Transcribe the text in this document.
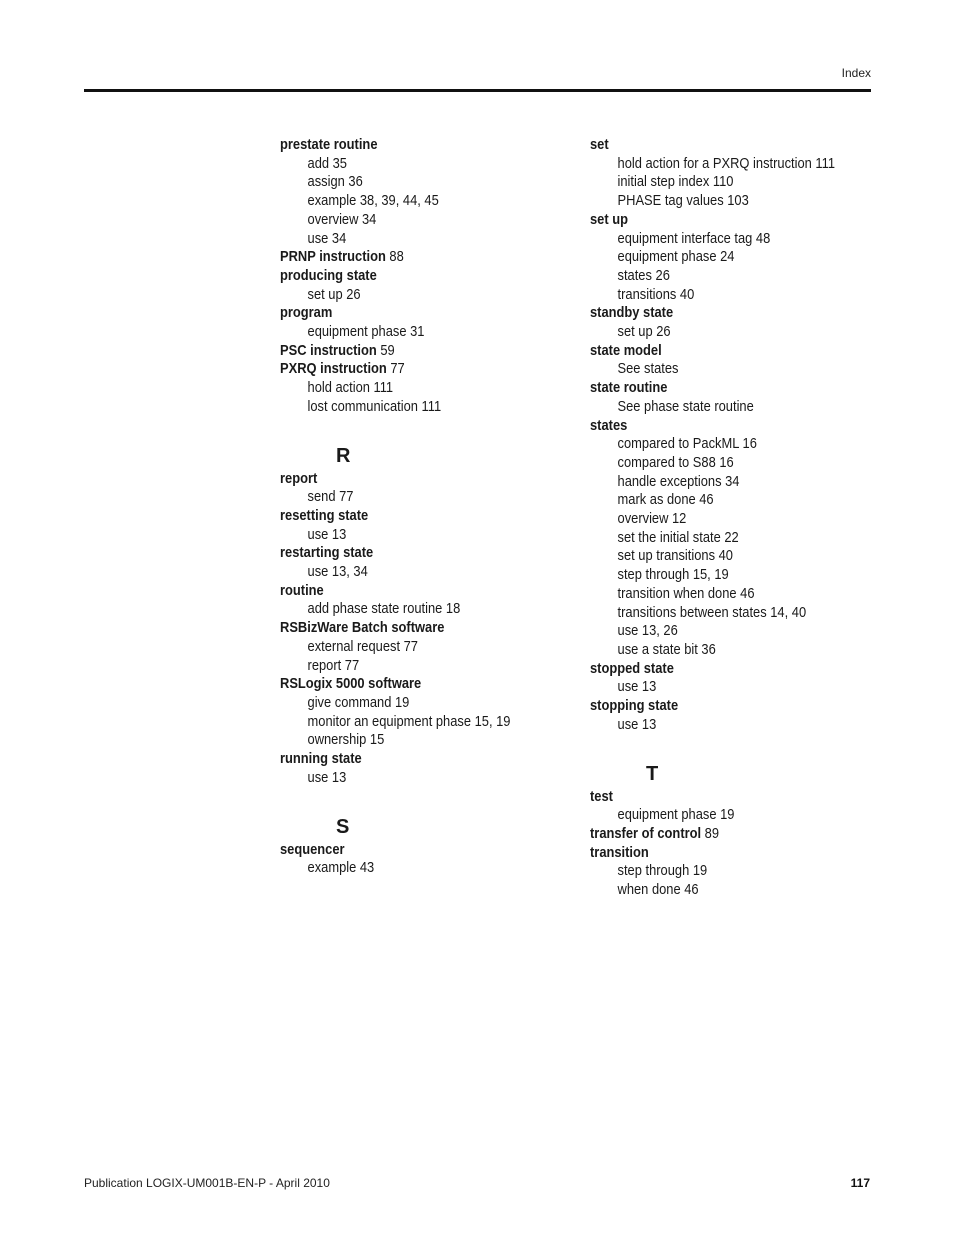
Index
prestate routine
add 35
assign 36
example 38, 39, 44, 45
overview 34
use 34
PRNP instruction 88
producing state
set up 26
program
equipment phase 31
PSC instruction 59
PXRQ instruction 77
hold action 111
lost communication 111
R
report
send 77
resetting state
use 13
restarting state
use 13, 34
routine
add phase state routine 18
RSBizWare Batch software
external request 77
report 77
RSLogix 5000 software
give command 19
monitor an equipment phase 15, 19
ownership 15
running state
use 13
S
sequencer
example 43
set
hold action for a PXRQ instruction 111
initial step index 110
PHASE tag values 103
set up
equipment interface tag 48
equipment phase 24
states 26
transitions 40
standby state
set up 26
state model
See states
state routine
See phase state routine
states
compared to PackML 16
compared to S88 16
handle exceptions 34
mark as done 46
overview 12
set the initial state 22
set up transitions 40
step through 15, 19
transition when done 46
transitions between states 14, 40
use 13, 26
use a state bit 36
stopped state
use 13
stopping state
use 13
T
test
equipment phase 19
transfer of control 89
transition
step through 19
when done 46
Publication LOGIX-UM001B-EN-P - April 2010	117
